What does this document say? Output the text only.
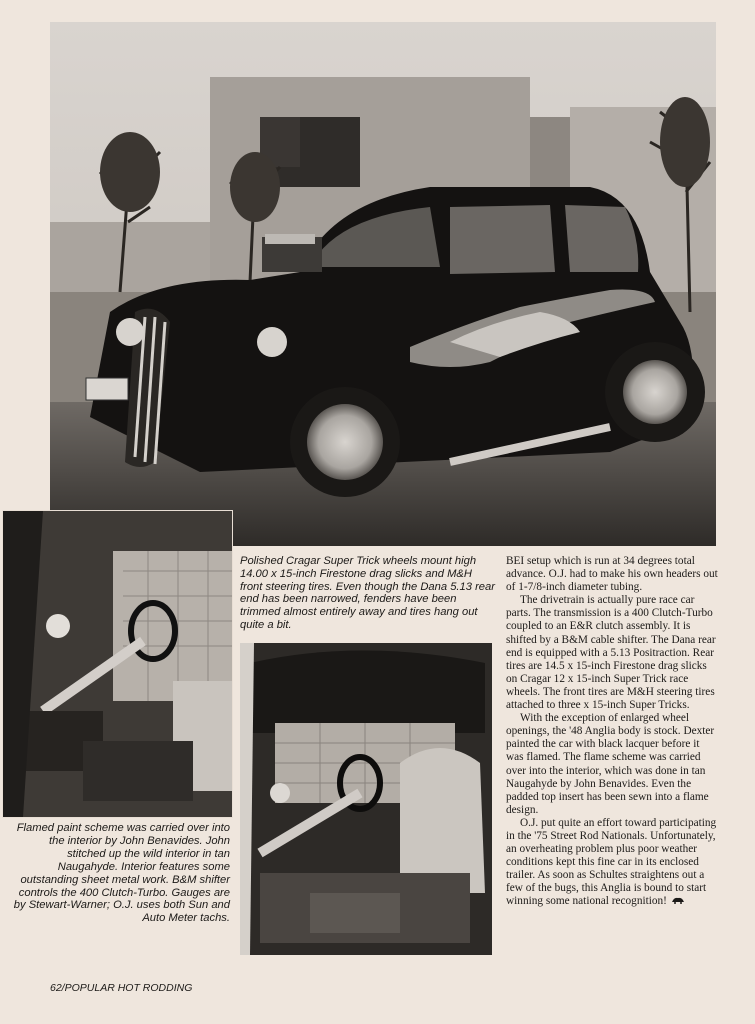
Polished Cragar Super Trick wheels mount high 14.00 x 15-inch Firestone drag slicks and M&H front steering tires. Even though the Dana 5.13 rear end has been narrowed, fenders have been trimmed almost entirely away and tires hang out quite a bit.
Flamed paint scheme was carried over into the interior by John Benavides. John stitched up the wild interior in tan Naugahyde. Interior features some outstanding sheet metal work. B&M shifter controls the 400 Clutch-Turbo. Gauges are by Stewart-Warner; O.J. uses both Sun and Auto Meter tachs.

BEI setup which is run at 34 degrees total advance. O.J. had to make his own headers out of 1-7/8-inch diameter tubing.

The drivetrain is actually pure race car parts. The transmission is a 400 Clutch-Turbo coupled to an E&R clutch assembly. It is shifted by a B&M cable shifter. The Dana rear end is equipped with a 5.13 Positraction. Rear tires are 14.5 x 15-inch Firestone drag slicks on Cragar 12 x 15-inch Super Trick race wheels. The front tires are M&H steering tires attached to three x 15-inch Super Tricks.

With the exception of enlarged wheel openings, the '48 Anglia body is stock. Dexter painted the car with black lacquer before it was flamed. The flame scheme was carried over into the interior, which was done in tan Naugahyde by John Benavides. Even the padded top insert has been sewn into a flame design.

O.J. put quite an effort toward participating in the '75 Street Rod Nationals. Unfortunately, an overheating problem plus poor weather conditions kept this fine car in its enclosed trailer. As soon as Schultes straightens out a few of the bugs, this Anglia is bound to start winning some national recognition!

62/POPULAR HOT RODDING
